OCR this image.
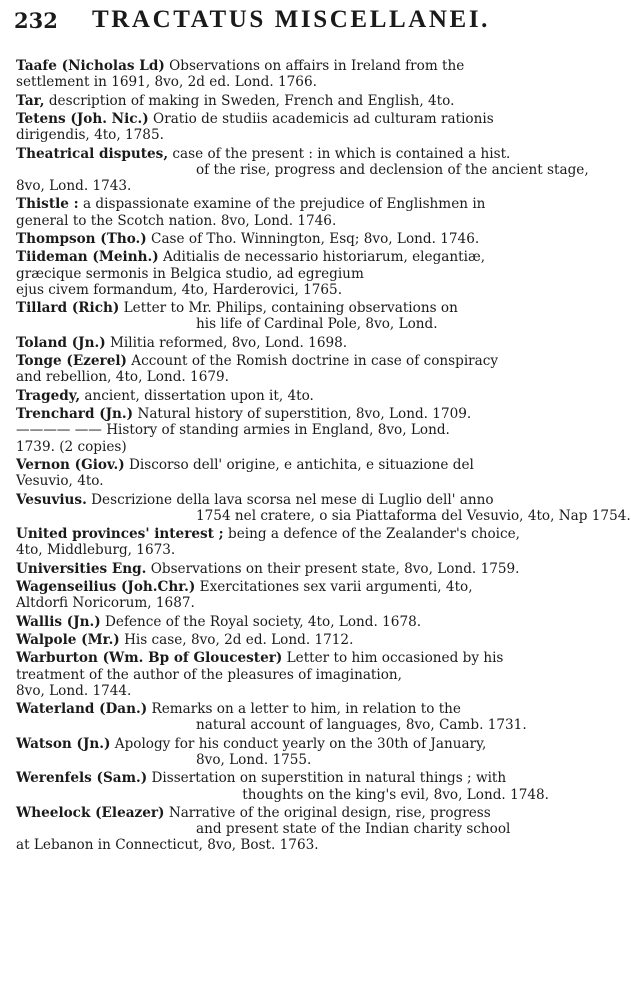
232 TRACTATUS MISCELLANEI.
Taafe (Nicholas Ld) Observations on affairs in Ireland from the
settlement in 1691, 8vo, 2d ed. Lond. 1766.
Tar, description of making in Sweden, French and English, 4to.
Tetens (Joh. Nic.) Oratio de studiis academicis ad culturam rationis
dirigendis, 4to, 1785.
Theatrical disputes, case of the present : in which is contained a hist.
of the rise, progress and declension of the ancient stage,
8vo, Lond. 1743.
Thistle : a dispassionate examine of the prejudice of Englishmen in
general to the Scotch nation. 8vo, Lond. 1746.
Thompson (Tho.) Case of Tho. Winnington, Esq; 8vo, Lond. 1746.
Tiideman (Meinh.) Aditialis de necessario historiarum, elegantiæ,
græcique sermonis in Belgica studio, ad egregium
ejus civem formandum, 4to, Harderovici, 1765.
Tillard (Rich) Letter to Mr. Philips, containing observations on
his life of Cardinal Pole, 8vo, Lond.
Toland (Jn.) Militia reformed, 8vo, Lond. 1698.
Tonge (Ezerel) Account of the Romish doctrine in case of conspiracy
and rebellion, 4to, Lond. 1679.
Tragedy, ancient, dissertation upon it, 4to.
Trenchard (Jn.) Natural history of superstition, 8vo, Lond. 1709.
———— —— History of standing armies in England, 8vo, Lond.
1739. (2 copies)
Vernon (Giov.) Discorso dell' origine, e antichita, e situazione del
Vesuvio, 4to.
Vesuvius. Descrizione della lava scorsa nel mese di Luglio dell' anno
1754 nel cratere, o sia Piattaforma del Vesuvio, 4to, Nap 1754.
United provinces' interest ; being a defence of the Zealander's choice,
4to, Middleburg, 1673.
Universities Eng. Observations on their present state, 8vo, Lond. 1759.
Wagenseilius (Joh.Chr.) Exercitationes sex varii argumenti, 4to,
Altdorfi Noricorum, 1687.
Wallis (Jn.) Defence of the Royal society, 4to, Lond. 1678.
Walpole (Mr.) His case, 8vo, 2d ed. Lond. 1712.
Warburton (Wm. Bp of Gloucester) Letter to him occasioned by his
treatment of the author of the pleasures of imagination,
8vo, Lond. 1744.
Waterland (Dan.) Remarks on a letter to him, in relation to the
natural account of languages, 8vo, Camb. 1731.
Watson (Jn.) Apology for his conduct yearly on the 30th of January,
8vo, Lond. 1755.
Werenfels (Sam.) Dissertation on superstition in natural things ; with
thoughts on the king's evil, 8vo, Lond. 1748.
Wheelock (Eleazer) Narrative of the original design, rise, progress
and present state of the Indian charity school
at Lebanon in Connecticut, 8vo, Bost. 1763.
